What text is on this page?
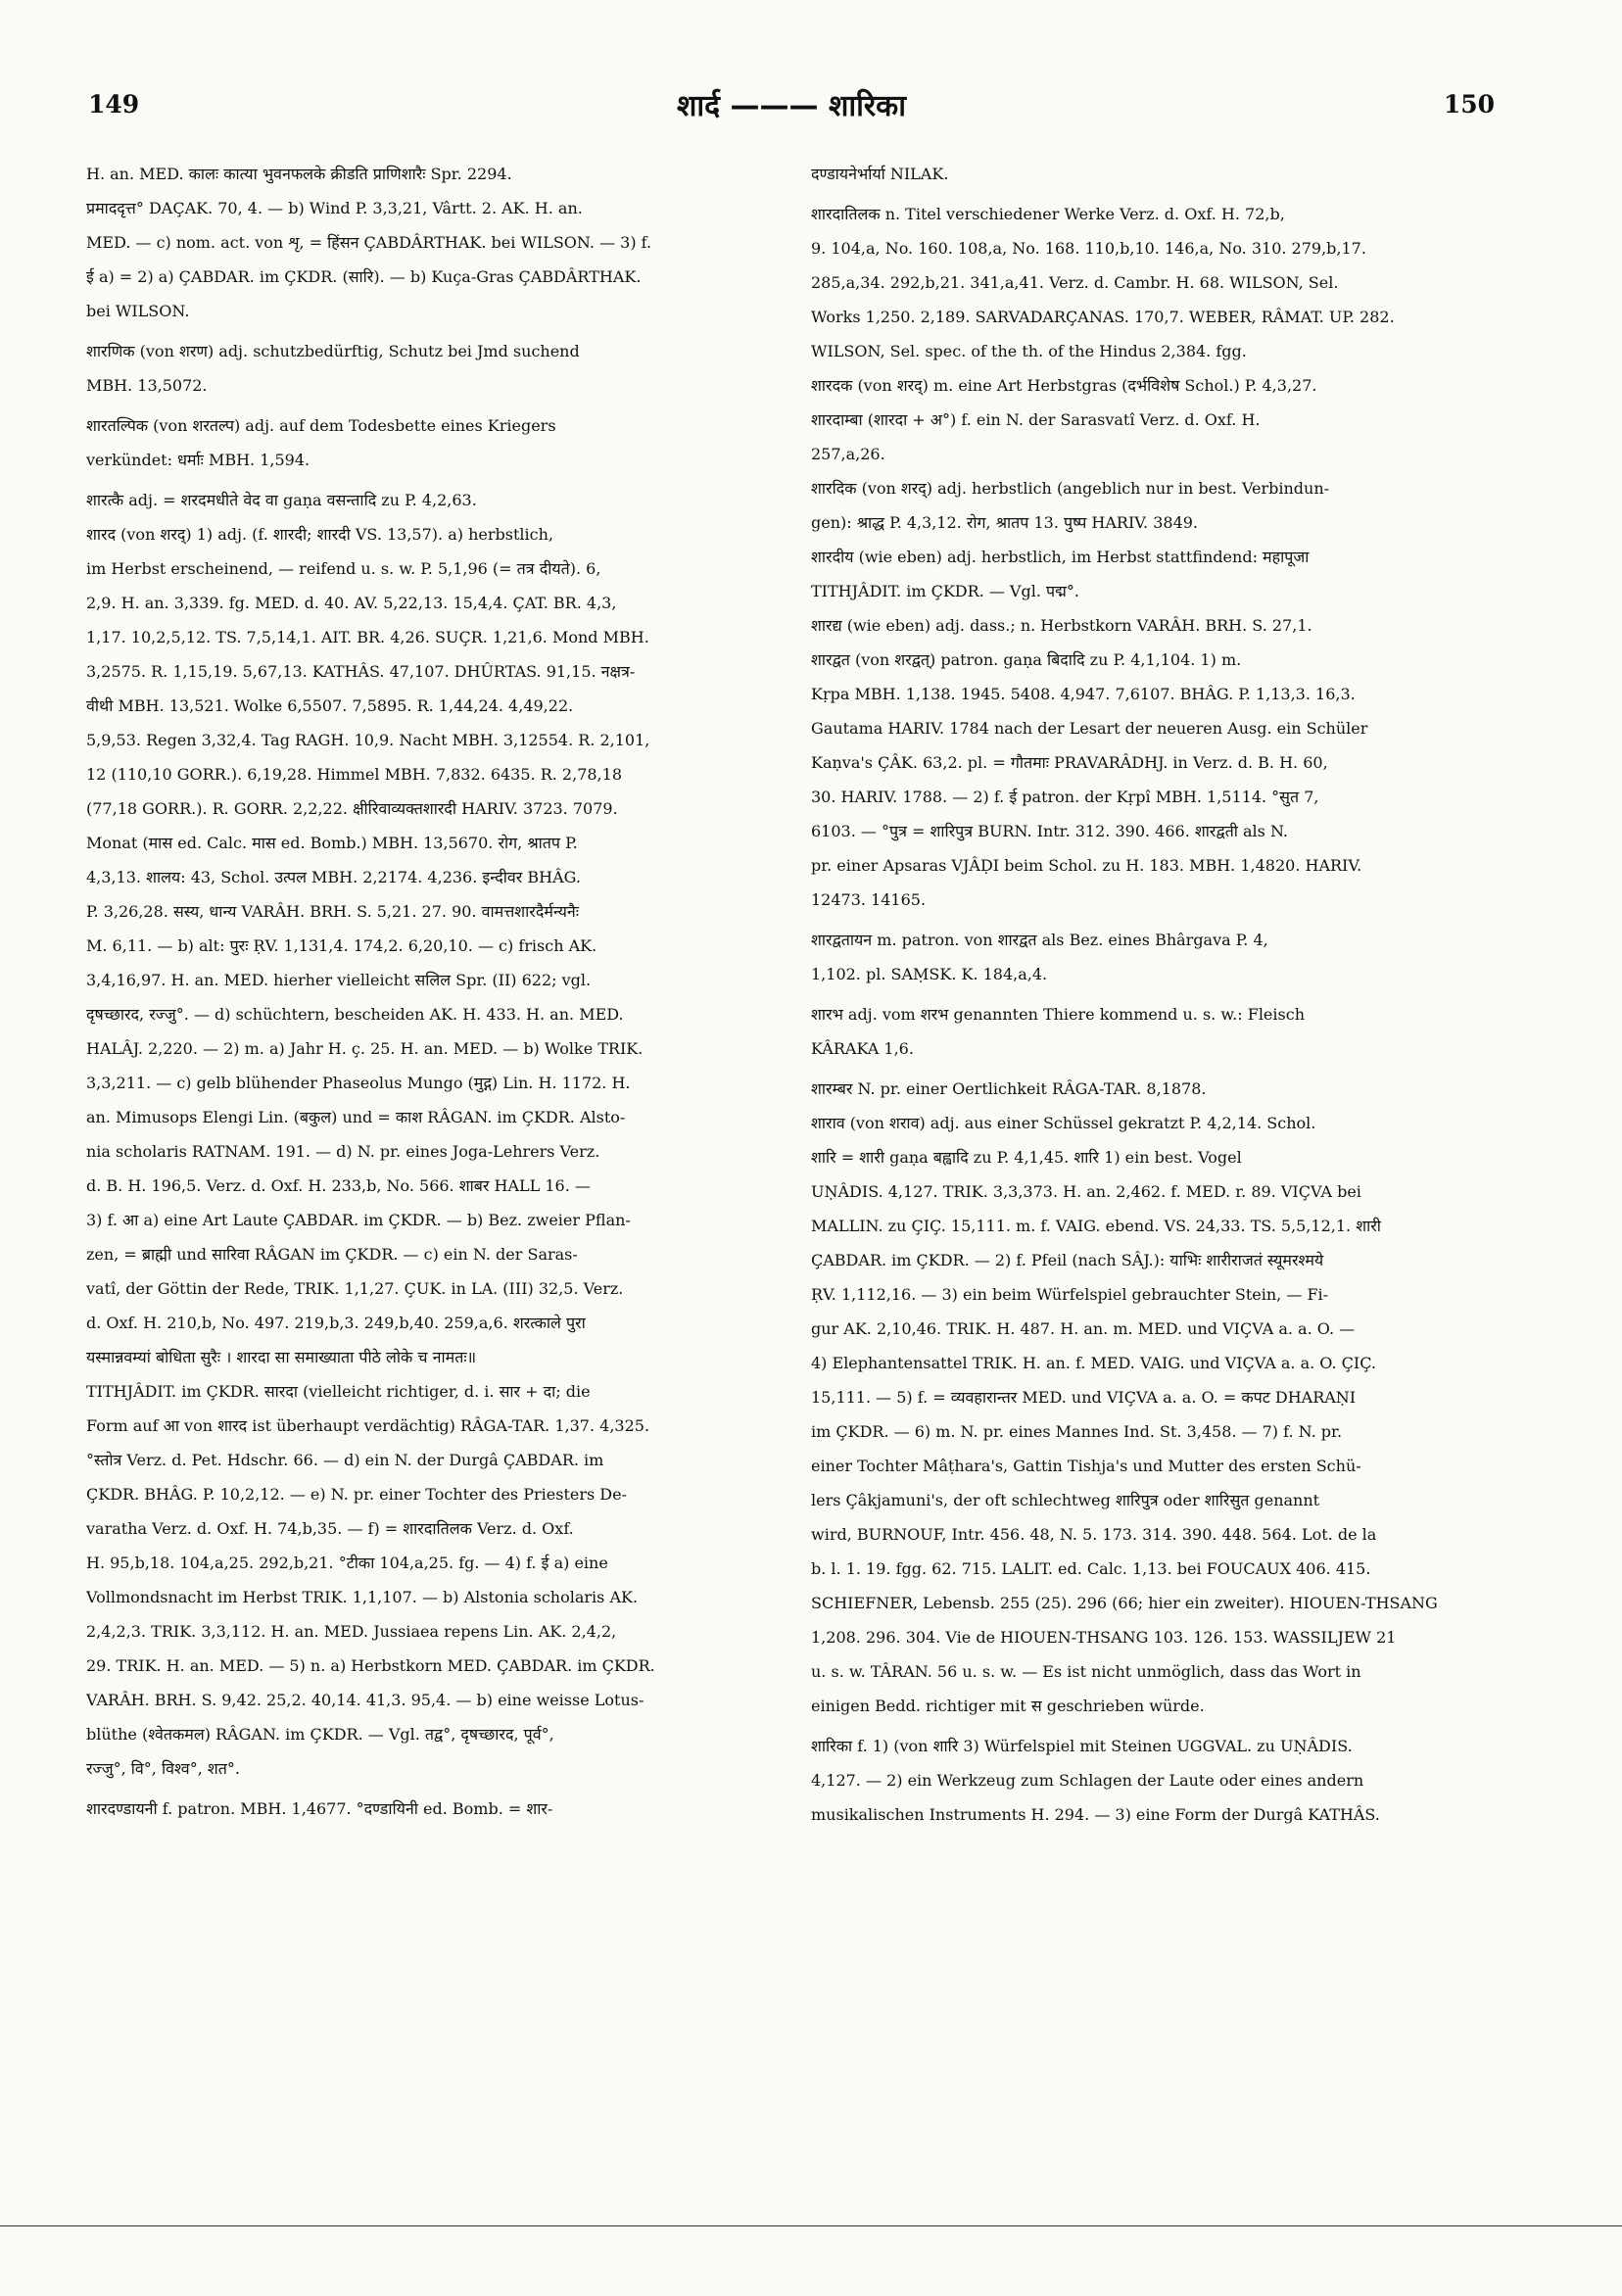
149	शार्द ——— शारिका	150
H. an. MED. कालः कात्या भुवनफलके क्रीडति प्राणिशारैः Spr. 2294.
प्रमाददृत्त° DAÇAK. 70, 4. — b) Wind P. 3,3,21, Vârtt. 2. AK. H. an.
MED. — c) nom. act. von शृ, = हिंसन ÇABDÂRTHAK. bei WILSON. — 3) f.
ई a) = 2) a) ÇABDAR. im ÇKDR. (सारि). — b) Kuça-Gras ÇABDÂRTHAK.
bei WILSON.
शारणिक (von शरण) adj. schutzbedürftig, Schutz bei Jmd suchend
MBH. 13,5072.
शारतल्पिक (von शरतल्प) adj. auf dem Todesbette eines Kriegers
verkündet: धर्माः MBH. 1,594.
शारत्कै adj. = शरदमधीते वेद वा gaṇa वसन्तादि zu P. 4,2,63.
शारद (von शरद्) 1) adj. (f. शारदी; शारदी VS. 13,57). a) herbstlich,
im Herbst erscheinend, — reifend u. s. w. P. 5,1,96 (= तत्र दीयते). 6,
2,9. H. an. 3,339. fg. MED. d. 40. AV. 5,22,13. 15,4,4. ÇAT. BR. 4,3,
1,17. 10,2,5,12. TS. 7,5,14,1. AIT. BR. 4,26. SUÇR. 1,21,6. Mond MBH.
3,2575. R. 1,15,19. 5,67,13. KATHÂS. 47,107. DHÛRTAS. 91,15. नक्षत्र-
वीथी MBH. 13,521. Wolke 6,5507. 7,5895. R. 1,44,24. 4,49,22.
5,9,53. Regen 3,32,4. Tag RAGH. 10,9. Nacht MBH. 3,12554. R. 2,101,
12 (110,10 GORR.). 6,19,28. Himmel MBH. 7,832. 6435. R. 2,78,18
(77,18 GORR.). R. GORR. 2,2,22. क्षीरिवाव्यक्तशारदी HARIV. 3723. 7079.
Monat (मास ed. Calc. मास ed. Bomb.) MBH. 13,5670. रोग, श्रातप P.
4,3,13. शालय: 43, Schol. उत्पल MBH. 2,2174. 4,236. इन्दीवर BHÂG.
P. 3,26,28. सस्य, धान्य VARÂH. BRH. S. 5,21. 27. 90. वामत्तशारदैर्मन्यनैः
M. 6,11. — b) alt: पुरः ṚV. 1,131,4. 174,2. 6,20,10. — c) frisch AK.
3,4,16,97. H. an. MED. hierher vielleicht सलिल Spr. (II) 622; vgl.
दृषच्छारद, रज्जु°. — d) schüchtern, bescheiden AK. H. 433. H. an. MED.
HALÂJ. 2,220. — 2) m. a) Jahr H. ç. 25. H. an. MED. — b) Wolke TRIK.
3,3,211. — c) gelb blühender Phaseolus Mungo (मुद्ग) Lin. H. 1172. H.
an. Mimusops Elengi Lin. (बकुल) und = काश RÂGAN. im ÇKDR. Alsto-
nia scholaris RATNAM. 191. — d) N. pr. eines Joga-Lehrers Verz.
d. B. H. 196,5. Verz. d. Oxf. H. 233,b, No. 566. शाबर HALL 16. —
3) f. आ a) eine Art Laute ÇABDAR. im ÇKDR. — b) Bez. zweier Pflan-
zen, = ब्राह्मी und सारिवा RÂGAN im ÇKDR. — c) ein N. der Saras-
vatî, der Göttin der Rede, TRIK. 1,1,27. ÇUK. in LA. (III) 32,5. Verz.
d. Oxf. H. 210,b, No. 497. 219,b,3. 249,b,40. 259,a,6. शरत्काले पुरा
यस्मान्नवम्यां बोधिता सुरैः । शारदा सा समाख्याता पीठे लोके च नामतः॥
TITHJÂDIT. im ÇKDR. सारदा (vielleicht richtiger, d. i. सार + दा; die
Form auf आ von शारद ist überhaupt verdächtig) RÂGA-TAR. 1,37. 4,325.
°स्तोत्र Verz. d. Pet. Hdschr. 66. — d) ein N. der Durgâ ÇABDAR. im
ÇKDR. BHÂG. P. 10,2,12. — e) N. pr. einer Tochter des Priesters De-
varatha Verz. d. Oxf. H. 74,b,35. — f) = शारदातिलक Verz. d. Oxf.
H. 95,b,18. 104,a,25. 292,b,21. °टीका 104,a,25. fg. — 4) f. ई a) eine
Vollmondsnacht im Herbst TRIK. 1,1,107. — b) Alstonia scholaris AK.
2,4,2,3. TRIK. 3,3,112. H. an. MED. Jussiaea repens Lin. AK. 2,4,2,
29. TRIK. H. an. MED. — 5) n. a) Herbstkorn MED. ÇABDAR. im ÇKDR.
VARÂH. BRH. S. 9,42. 25,2. 40,14. 41,3. 95,4. — b) eine weisse Lotus-
blüthe (श्वेतकमल) RÂGAN. im ÇKDR. — Vgl. तद्व°, दृषच्छारद, पूर्व°,
रज्जु°, वि°, विश्व°, शत°.
शारदण्डायनी f. patron. MBH. 1,4677. °दण्डायिनी ed. Bomb. = शार-
दण्डायनेर्भार्या NILAK.
शारदातिलक n. Titel verschiedener Werke Verz. d. Oxf. H. 72,b,
9. 104,a, No. 160. 108,a, No. 168. 110,b,10. 146,a, No. 310. 279,b,17.
285,a,34. 292,b,21. 341,a,41. Verz. d. Cambr. H. 68. WILSON, Sel.
Works 1,250. 2,189. SARVADARÇANAS. 170,7. WEBER, RÂMAT. UP. 282.
WILSON, Sel. spec. of the th. of the Hindus 2,384. fgg.
शारदक (von शरद्) m. eine Art Herbstgras (दर्भविशेष Schol.) P. 4,3,27.
शारदाम्बा (शारदा + अ°) f. ein N. der Sarasvatî Verz. d. Oxf. H.
257,a,26.
शारदिक (von शरद्) adj. herbstlich (angeblich nur in best. Verbindun-
gen): श्राद्ध P. 4,3,12. रोग, श्रातप 13. पुष्प HARIV. 3849.
शारदीय (wie eben) adj. herbstlich, im Herbst stattfindend: महापूजा
TITHJÂDIT. im ÇKDR. — Vgl. पद्म°.
शारद्य (wie eben) adj. dass.; n. Herbstkorn VARÂH. BRH. S. 27,1.
शारद्वत (von शरद्वत्) patron. gaṇa बिदादि zu P. 4,1,104. 1) m.
Kṛpa MBH. 1,138. 1945. 5408. 4,947. 7,6107. BHÂG. P. 1,13,3. 16,3.
Gautama HARIV. 1784 nach der Lesart der neueren Ausg. ein Schüler
Kaṇva's ÇÂK. 63,2. pl. = गौतमाः PRAVARÂDHJ. in Verz. d. B. H. 60,
30. HARIV. 1788. — 2) f. ई patron. der Kṛpî MBH. 1,5114. °सुत 7,
6103. — °पुत्र = शारिपुत्र BURN. Intr. 312. 390. 466. शारद्वती als N.
pr. einer Apsaras VJÂḌI beim Schol. zu H. 183. MBH. 1,4820. HARIV.
12473. 14165.
शारद्वतायन m. patron. von शारद्वत als Bez. eines Bhârgava P. 4,
1,102. pl. SAṂSK. K. 184,a,4.
शारभ adj. vom शरभ genannten Thiere kommend u. s. w.: Fleisch
KÂRAKA 1,6.
शारम्बर N. pr. einer Oertlichkeit RÂGA-TAR. 8,1878.
शाराव (von शराव) adj. aus einer Schüssel gekratzt P. 4,2,14. Schol.
शारि = शारी gaṇa बह्वादि zu P. 4,1,45. शारि 1) ein best. Vogel
UṆÂDIS. 4,127. TRIK. 3,3,373. H. an. 2,462. f. MED. r. 89. VIÇVA bei
MALLIN. zu ÇIÇ. 15,111. m. f. VAIG. ebend. VS. 24,33. TS. 5,5,12,1. शारी
ÇABDAR. im ÇKDR. — 2) f. Pfeil (nach SÂJ.): याभिः शारीराजतं स्यूमरश्मये
ṚV. 1,112,16. — 3) ein beim Würfelspiel gebrauchter Stein, — Fi-
gur AK. 2,10,46. TRIK. H. 487. H. an. m. MED. und VIÇVA a. a. O. —
4) Elephantensattel TRIK. H. an. f. MED. VAIG. und VIÇVA a. a. O. ÇIÇ.
15,111. — 5) f. = व्यवहारान्तर MED. und VIÇVA a. a. O. = कपट DHARAṆI
im ÇKDR. — 6) m. N. pr. eines Mannes Ind. St. 3,458. — 7) f. N. pr.
einer Tochter Mâṭhara's, Gattin Tishja's und Mutter des ersten Schü-
lers Çâkjamuni's, der oft schlechtweg शारिपुत्र oder शारिसुत genannt
wird, BURNOUF, Intr. 456. 48, N. 5. 173. 314. 390. 448. 564. Lot. de la
b. l. 1. 19. fgg. 62. 715. LALIT. ed. Calc. 1,13. bei FOUCAUX 406. 415.
SCHIEFNER, Lebensb. 255 (25). 296 (66; hier ein zweiter). HIOUEN-THSANG
1,208. 296. 304. Vie de HIOUEN-THSANG 103. 126. 153. WASSILJEW 21
u. s. w. TÂRAN. 56 u. s. w. — Es ist nicht unmöglich, dass das Wort in
einigen Bedd. richtiger mit स geschrieben würde.
शारिका f. 1) (von शारि 3) Würfelspiel mit Steinen UGGVAL. zu UṆÂDIS.
4,127. — 2) ein Werkzeug zum Schlagen der Laute oder eines andern
musikalischen Instruments H. 294. — 3) eine Form der Durgâ KATHÂS.
